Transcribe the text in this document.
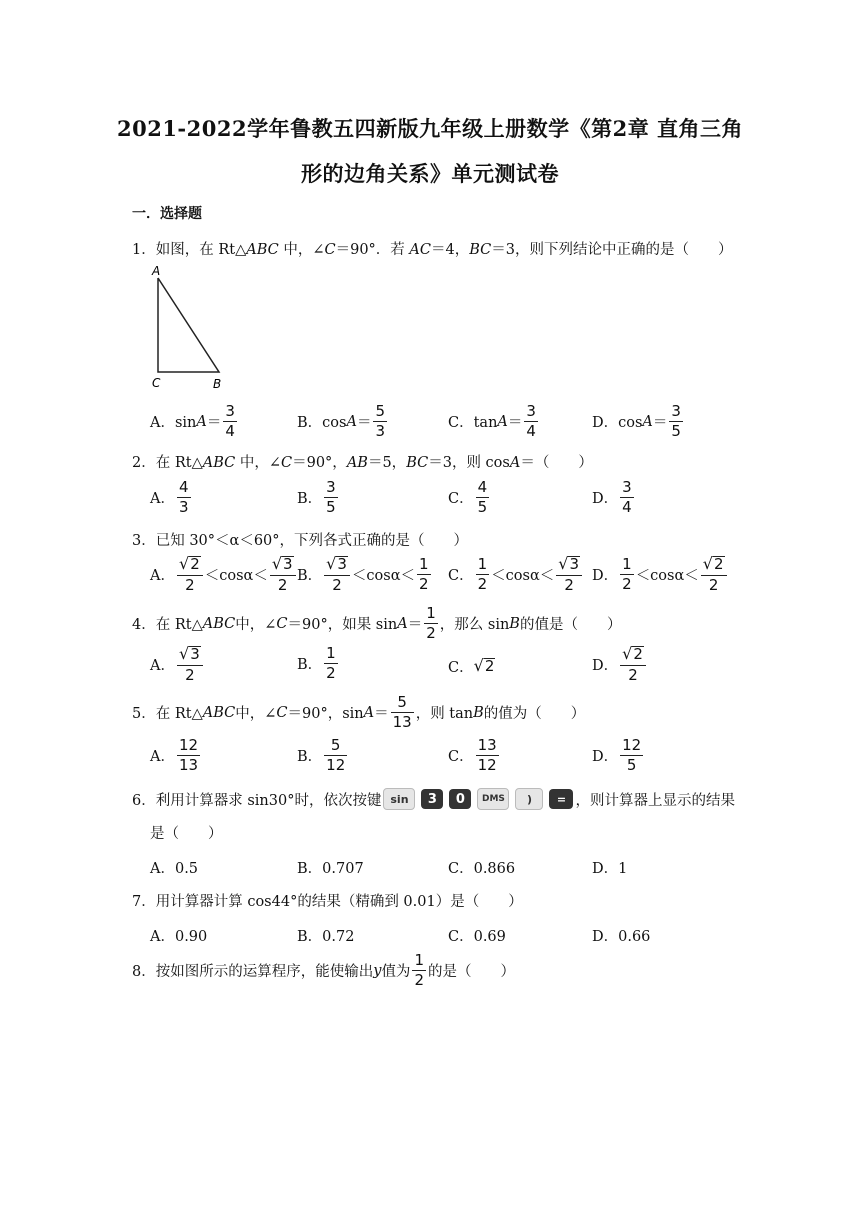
2021-2022学年鲁教五四新版九年级上册数学《第2章 直角三角
形的边角关系》单元测试卷
一．选择题
1．如图，在 Rt△ABC 中，∠C＝90°．若 AC＝4，BC＝3，则下列结论中正确的是（　　）
A
C	B
A．$\sin A = \frac{3}{4}$	B．$\cos A = \frac{5}{3}$	C．$\tan A = \frac{3}{4}$	D．$\cos A = \frac{3}{5}$
2．在 Rt△ABC 中，∠C＝90°，AB＝5，BC＝3，则 cosA＝（　　）
A． $\frac{4}{3}$	B． $\frac{3}{5}$	C． $\frac{4}{5}$	D． $\frac{3}{4}$
3．已知 30°＜α＜60°，下列各式正确的是（　　）
A． $\frac{√ 2}{2} <\cos\alpha< \frac{√ 3}{2}$ B． $\frac{√ 3}{2} <\cos\alpha< \frac{1}{2}$ C． $\frac{1}{2} <\cos\alpha< \frac{√ 3}{2}$ D． $\frac{1}{2} <\cos\alpha< \frac{√ 2}{2}$
4．在 Rt△ ABC 中，∠ C ＝90°，如果 $\sin A = \frac{1}{2}$ ，那么 sin B 的值是（　　）
A． $\frac{√ 3}{2}$	B． $\frac{1}{2}$	C． √ 2	D． $\frac{√ 2}{2}$
5．在 Rt△ ABC 中，∠ C ＝90°，$\sin A = \frac{5}{13}$ ，则 tan B 的值为（　　）
A． $\frac{12}{13}$	B． $\frac{5}{12}$	C． $\frac{13}{12}$	D． $\frac{12}{5}$
6．利用计算器求 sin30°时，依次按键 sin	3	0	DMS	)	= ，则计算器上显示的结果
是（　　）
A．0.5	B．0.707	C．0.866	D．1
7．用计算器计算 cos44°的结果（精确到 0.01）是（　　）
A．0.90	B．0.72	C．0.69	D．0.66
8．按如图所示的运算程序，能使输出 y 值为 $\frac{1}{2}$ 的是（　　）
